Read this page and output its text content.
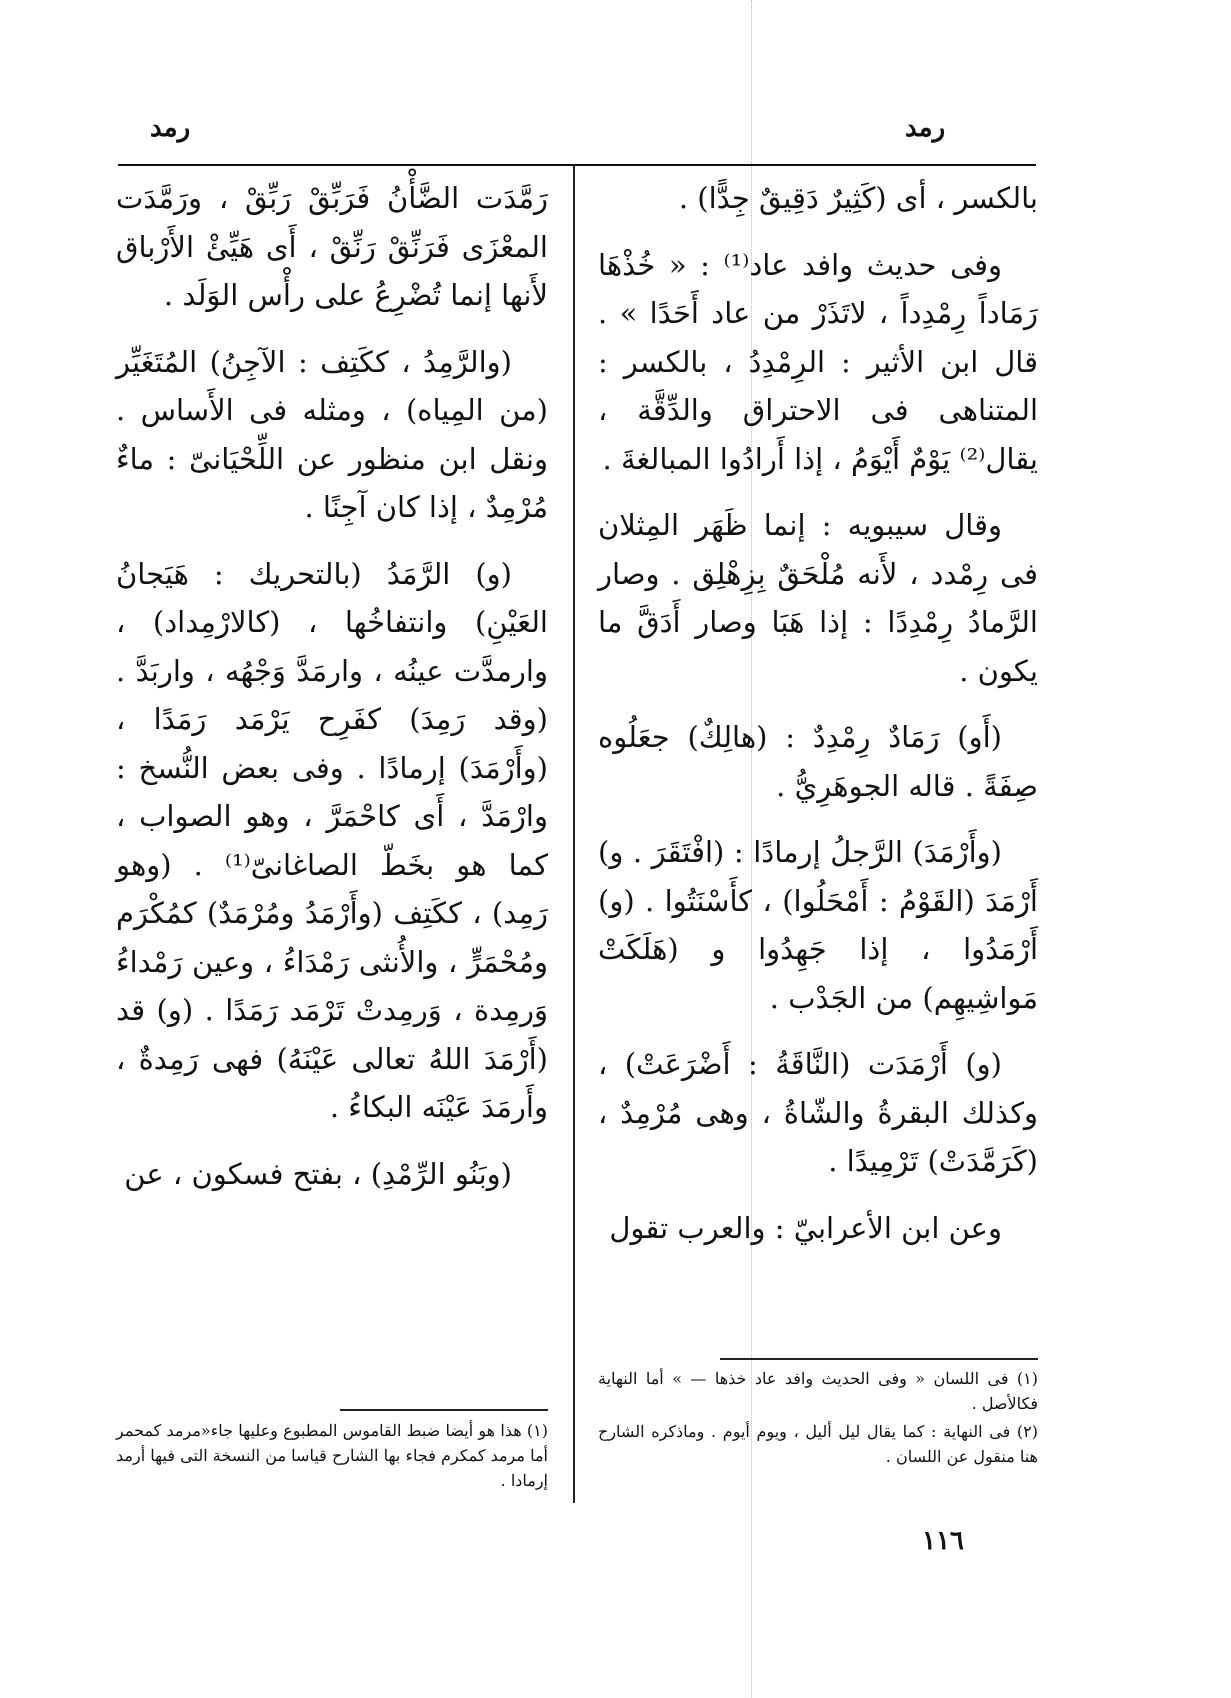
رمد
رمد

بالكسر ، أى (كَثِيرٌ دَقِيقٌ جِدًّا) .

وفى حديث وافد عاد⁽¹⁾ : « خُذْهَا رَمَاداً رِمْدِداً ، لاتَذَرْ من عاد أَحَدًا » . قال ابن الأثير : الرِمْدِدُ ، بالكسر : المتناهى فى الاحتراق والدِّقَّة ، يقال⁽²⁾ يَوْمٌ أَيْوَمُ ، إذا أَرادُوا المبالغةَ .

وقال سيبويه : إنما ظَهَر المِثلان فى رِمْدد ، لأَنه مُلْحَقٌ بِزِهْلِق . وصار الرَّمادُ رِمْدِدًا : إذا هَبَا وصار أَدَقَّ ما يكون .

(أَو) رَمَادٌ رِمْدِدٌ : (هالِكٌ) جعَلُوه صِفَةً . قاله الجوهَرِيُّ .

(وأَرْمَدَ) الرَّجلُ إرمادًا : (افْتَقَرَ . و) أَرْمَدَ (القَوْمُ : أَمْحَلُوا) ، كأَسْنَتُوا . (و) أَرْمَدُوا ، إذا جَهِدُوا و (هَلَكَتْ مَواشِيهِم) من الجَدْب .

(و) أَرْمَدَت (النَّاقَةُ : أَضْرَعَتْ) ، وكذلك البقرةُ والشّاةُ ، وهى مُرْمِدٌ ، (كَرَمَّدَتْ) تَرْمِيدًا .

وعن ابن الأعرابيّ : والعرب تقول

رَمَّدَت الضَّأْنُ فَرَبِّقْ رَبِّقْ ، ورَمَّدَت المعْزَى فَرَنِّقْ رَنِّقْ ، أَى هَيِّئْ الأَرْباق لأَنها إنما تُضْرِعُ على رأْس الوَلَد .

(والرَّمِدُ ، ككَتِف : الآجِنُ) المُتَغَيِّر (من المِياه) ، ومثله فى الأَساس . ونقل ابن منظور عن اللِّحْيَانىّ : ماءٌ مُرْمِدٌ ، إذا كان آجِنًا .

(و) الرَّمَدُ (بالتحريك : هَيَجانُ العَيْنِ) وانتفاخُها ، (كالارْمِداد) ، وارمدَّت عينُه ، وارمَدَّ وَجْهُه ، واربَدَّ . (وقد رَمِدَ) كفَرِح يَرْمَد رَمَدًا ، (وأَرْمَدَ) إرمادًا . وفى بعض النُّسخ : وارْمَدَّ ، أَى كاحْمَرَّ ، وهو الصواب ، كما هو بخَطّ الصاغانىّ⁽¹⁾ . (وهو رَمِد) ، ككَتِف (وأَرْمَدُ ومُرْمَدٌ) كمُكْرَم ومُحْمَرٍّ ، والأُنثى رَمْدَاءُ ، وعين رَمْداءُ وَرمِدة ، وَرمِدتْ تَرْمَد رَمَدًا . (و) قد (أَرْمَدَ اللهُ تعالى عَيْنَهُ) فهى رَمِدةٌ ، وأَرمَدَ عَيْنَه البكاءُ .

(وبَنُو الرِّمْدِ) ، بفتح فسكون ، عن

(١) فى اللسان « وفى الحديث وافد عاد خذها — » أما النهاية فكالأصل .

(٢) فى النهاية : كما يقال ليل أليل ، ويوم أيوم . وماذكره الشارح هنا منقول عن اللسان .

(١) هذا هو أيضا ضبط القاموس المطبوع وعليها جاء«مرمد كمحمر أما مرمد كمكرم فجاء بها الشارح قياسا من النسخة التى فيها أرمد إرمادا .

١١٦
